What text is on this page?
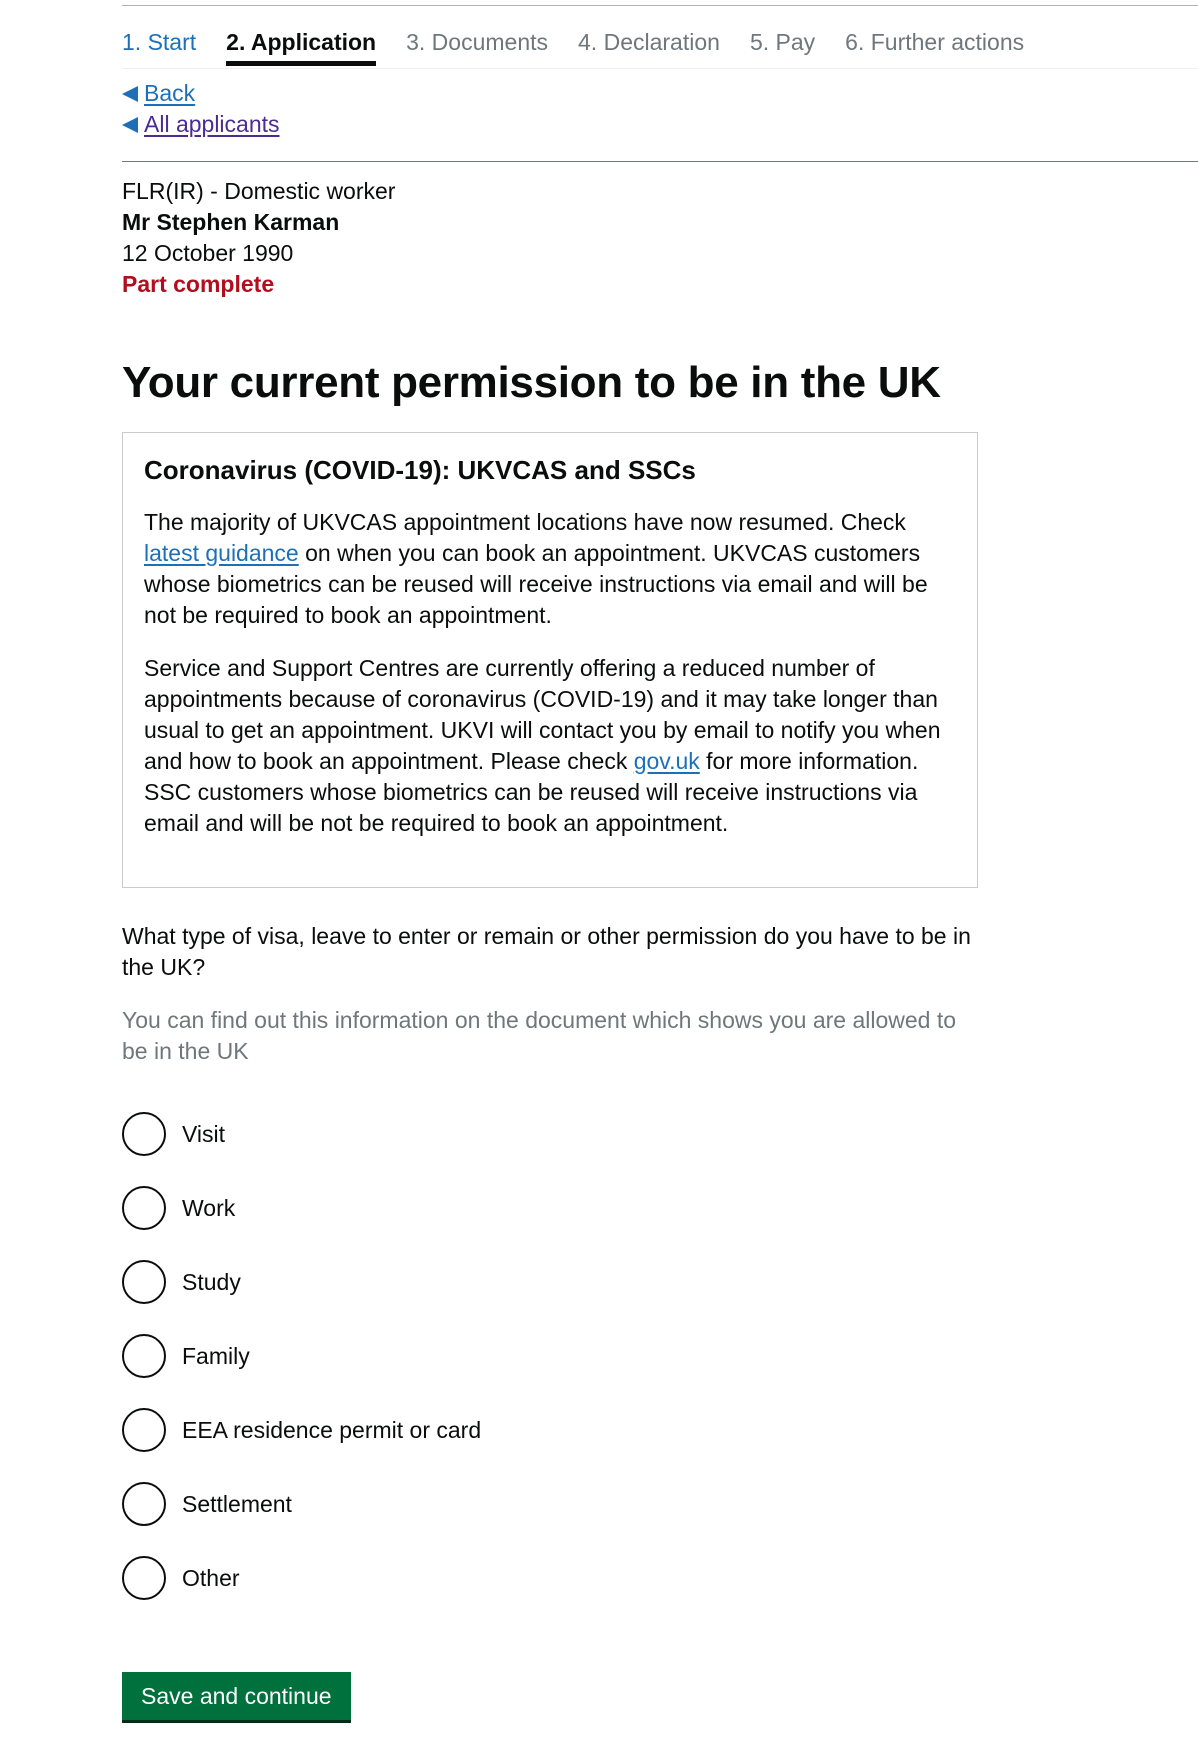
1. Start 2. Application 3. Documents 4. Declaration 5. Pay 6. Further actions
Back
All applicants
FLR(IR) - Domestic worker
Mr Stephen Karman
12 October 1990
Part complete
Your current permission to be in the UK
Coronavirus (COVID-19): UKVCAS and SSCs

The majority of UKVCAS appointment locations have now resumed. Check latest guidance on when you can book an appointment. UKVCAS customers whose biometrics can be reused will receive instructions via email and will be not be required to book an appointment.

Service and Support Centres are currently offering a reduced number of appointments because of coronavirus (COVID-19) and it may take longer than usual to get an appointment. UKVI will contact you by email to notify you when and how to book an appointment. Please check gov.uk for more information. SSC customers whose biometrics can be reused will receive instructions via email and will be not be required to book an appointment.

What type of visa, leave to enter or remain or other permission do you have to be in the UK?

You can find out this information on the document which shows you are allowed to be in the UK

Visit
Work
Study
Family
EEA residence permit or card
Settlement
Other
Save and continue
